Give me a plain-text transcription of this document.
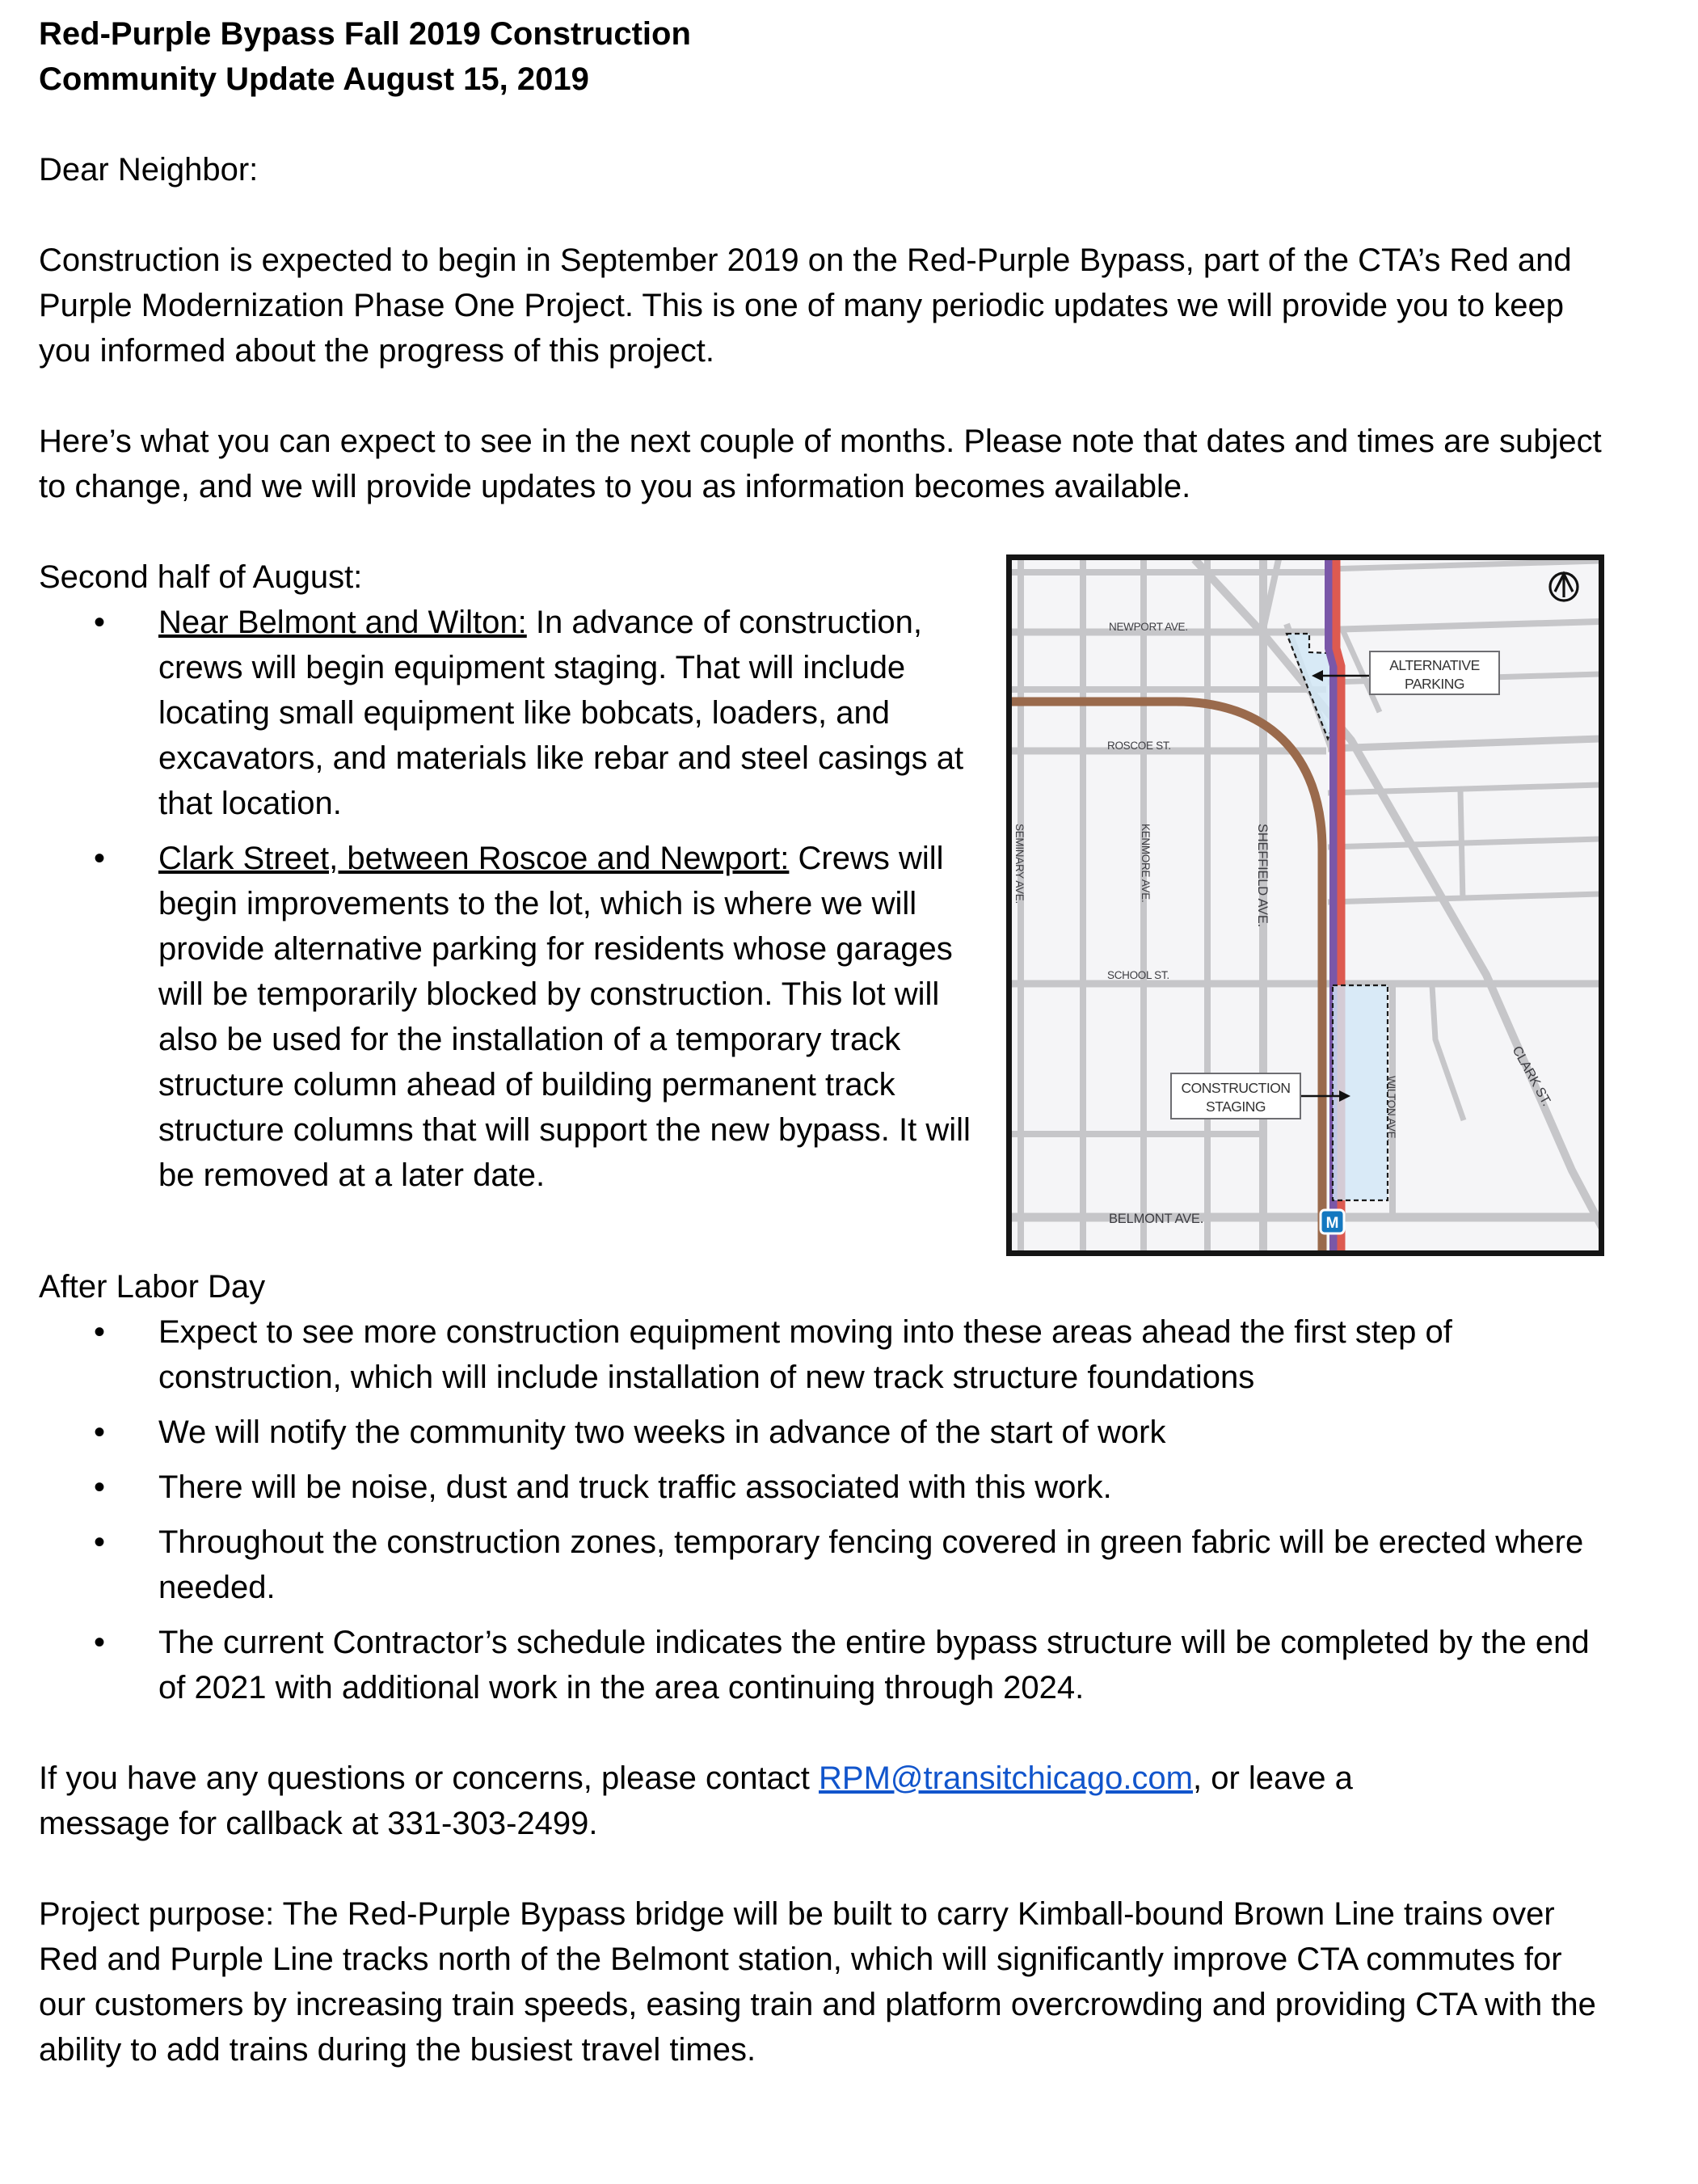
Red-Purple Bypass Fall 2019 Construction
Community Update August 15, 2019
Dear Neighbor:
Construction is expected to begin in September 2019 on the Red-Purple Bypass, part of the CTA’s Red and Purple Modernization Phase One Project. This is one of many periodic updates we will provide you to keep you informed about the progress of this project.
Here’s what you can expect to see in the next couple of months. Please note that dates and times are subject to change, and we will provide updates to you as information becomes available.
NEWPORT AVE.
ROSCOE ST.
SCHOOL ST.
BELMONT AVE.
SEMINARY AVE.	KENMORE AVE.	SHEFFIELD AVE.
WILTON AVE.	CLARK ST.
ALTERNATIVE
PARKING
CONSTRUCTION
STAGING
M
Second half of August:
• Near Belmont and Wilton: In advance of construction, crews will begin equipment staging. That will include locating small equipment like bobcats, loaders, and excavators, and materials like rebar and steel casings at that location.
• Clark Street, between Roscoe and Newport: Crews will begin improvements to the lot, which is where we will provide alternative parking for residents whose garages will be temporarily blocked by construction. This lot will also be used for the installation of a temporary track structure column ahead of building permanent track structure columns that will support the new bypass. It will be removed at a later date.
After Labor Day
• Expect to see more construction equipment moving into these areas ahead the first step of construction, which will include installation of new track structure foundations
• We will notify the community two weeks in advance of the start of work
• There will be noise, dust and truck traffic associated with this work.
• Throughout the construction zones, temporary fencing covered in green fabric will be erected where needed.
• The current Contractor’s schedule indicates the entire bypass structure will be completed by the end of 2021 with additional work in the area continuing through 2024.
If you have any questions or concerns, please contact RPM@transitchicago.com, or leave a
message for callback at 331-303-2499.
Project purpose: The Red-Purple Bypass bridge will be built to carry Kimball-bound Brown Line trains over Red and Purple Line tracks north of the Belmont station, which will significantly improve CTA commutes for our customers by increasing train speeds, easing train and platform overcrowding and providing CTA with the ability to add trains during the busiest travel times.
